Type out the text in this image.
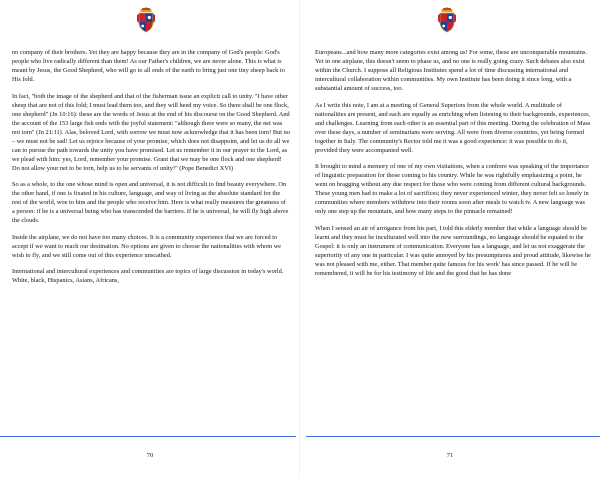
no company of their brothers. Yet they are happy because they are in the company of God's people: God's people who live radically different than them! As our Father's children, we are never alone. This is what is meant by Jesus, the Good Shepherd, who will go to all ends of the earth to bring just one tiny sheep back to His fold.

In fact, "both the image of the shepherd and that of the fisherman issue an explicit call to unity. "I have other sheep that are not of this fold; I must lead them too, and they will heed my voice. So there shall be one flock, one shepherd" (Jn 10:16): these are the words of Jesus at the end of his discourse on the Good Shepherd. And the account of the 153 large fish ends with the joyful statement: "although there were so many, the net was not torn" (Jn 21:11). Alas, beloved Lord, with sorrow we must now acknowledge that it has been torn! But no – we must not be sad! Let us rejoice because of your promise, which does not disappoint, and let us do all we can to pursue the path towards the unity you have promised. Let us remember it in our prayer to the Lord, as we plead with him: yes, Lord, remember your promise. Grant that we may be one flock and one shepherd! Do not allow your net to be torn, help us to be servants of unity!" (Pope Benedict XVI)

So as a whole, to the one whose mind is open and universal, it is not difficult to find beauty everywhere. On the other hand, if one is fixated in his culture, language, and way of living as the absolute standard for the rest of the world, woe to him and the people who receive him. Here is what really measures the greatness of a person: if he is a universal being who has transcended the barriers. If he is universal, he will fly high above the clouds.

Inside the airplane, we do not have too many choices. It is a community experience that we are forced to accept if we want to reach our destination. No options are given to choose the nationalities with whom we wish to fly, and we still come out of this experience unscathed.

International and intercultural experiences and communities are topics of large discussion in today's world. White, black, Hispanics, Asians, Africans,

70

Europeans...and how many more categories exist among us! For some, these are unconquerable mountains. Yet in one airplane, this doesn't seem to phase us, and no one is really going crazy. Such debates also exist within the Church. I suppose all Religious Institutes spend a lot of time discussing international and intercultural collaboration within communities. My own Institute has been doing it since long, with a substantial amount of success, too.

As I write this note, I am at a meeting of General Superiors from the whole world. A multitude of nationalities are present, and each are equally as enriching when listening to their backgrounds, experiences, and challenges. Learning from each other is an essential part of this meeting. During the celebration of Mass over these days, a number of seminarians were serving. All were from diverse countries, yet being formed together in Italy. The community's Rector told me it was a good experience: it was possible to do it, provided they were accompanied well.

It brought to mind a memory of one of my own visitations, when a confrere was speaking of the importance of linguistic preparation for those coming to his country. While he was rightfully emphasizing a point, he went on bragging without any due respect for those who were coming from different cultural backgrounds. These young men had to make a lot of sacrifices; they never experienced winter, they never felt so lonely in communities where members withdrew into their rooms soon after meals to watch tv. A new language was only one step up the mountain, and how many steps to the pinnacle remained!

When I sensed an air of arrogance from his part, I told this elderly member that while a language should be learnt and they must be inculturated well into the new surroundings, no language should be equated to the Gospel: it is only an instrument of communication. Everyone has a language, and let us not exaggerate the superiority of any one in particular. I was quite annoyed by his presumptuous and proud attitude, likewise he was not pleased with me, either. That member quite famous for his work' has since passed. If he will be remembered, it will be for his testimony of life and the good that he has done

71
